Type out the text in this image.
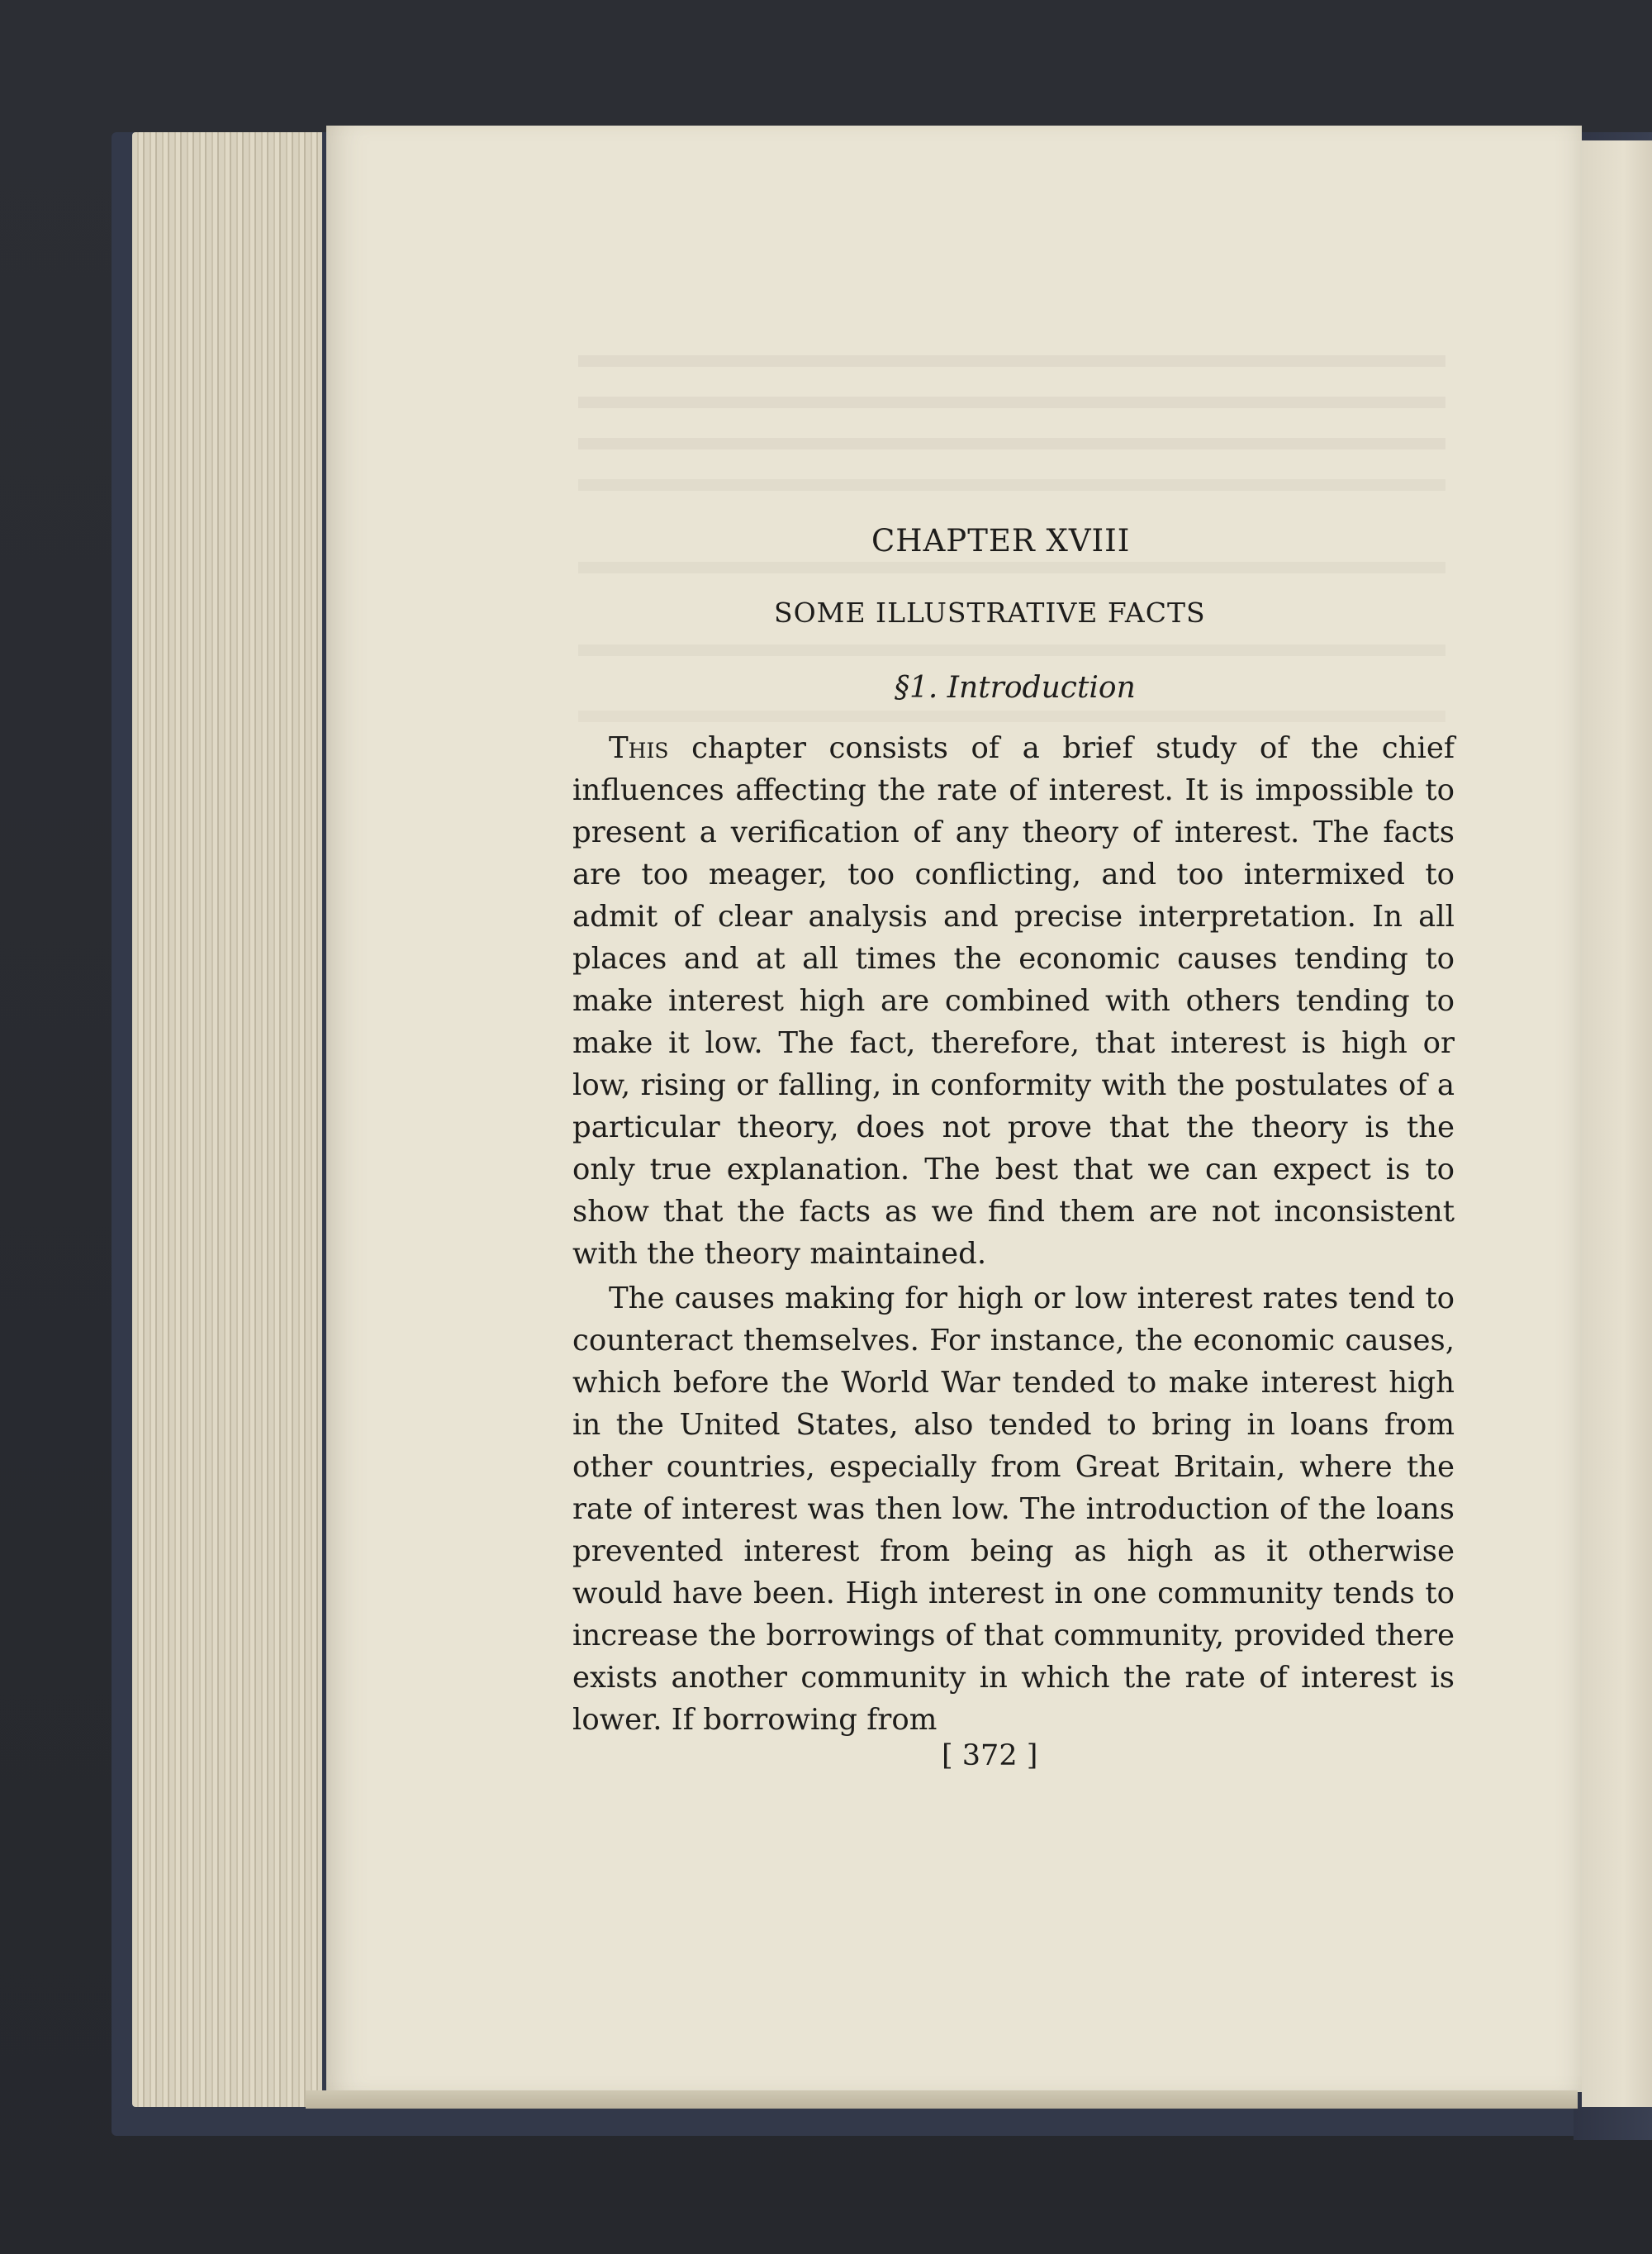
CHAPTER XVIII
SOME ILLUSTRATIVE FACTS
§1. Introduction

This chapter consists of a brief study of the chief influences affecting the rate of interest. It is impossible to present a verification of any theory of interest. The facts are too meager, too conflicting, and too intermixed to admit of clear analysis and precise interpretation. In all places and at all times the economic causes tending to make interest high are combined with others tending to make it low. The fact, therefore, that interest is high or low, rising or falling, in conformity with the postulates of a particular theory, does not prove that the theory is the only true explanation. The best that we can expect is to show that the facts as we find them are not inconsistent with the theory maintained.

The causes making for high or low interest rates tend to counteract themselves. For instance, the economic causes, which before the World War tended to make interest high in the United States, also tended to bring in loans from other countries, especially from Great Britain, where the rate of interest was then low. The introduction of the loans prevented interest from being as high as it otherwise would have been. High interest in one community tends to increase the borrowings of that community, provided there exists another community in which the rate of interest is lower. If borrowing from

[ 372 ]
